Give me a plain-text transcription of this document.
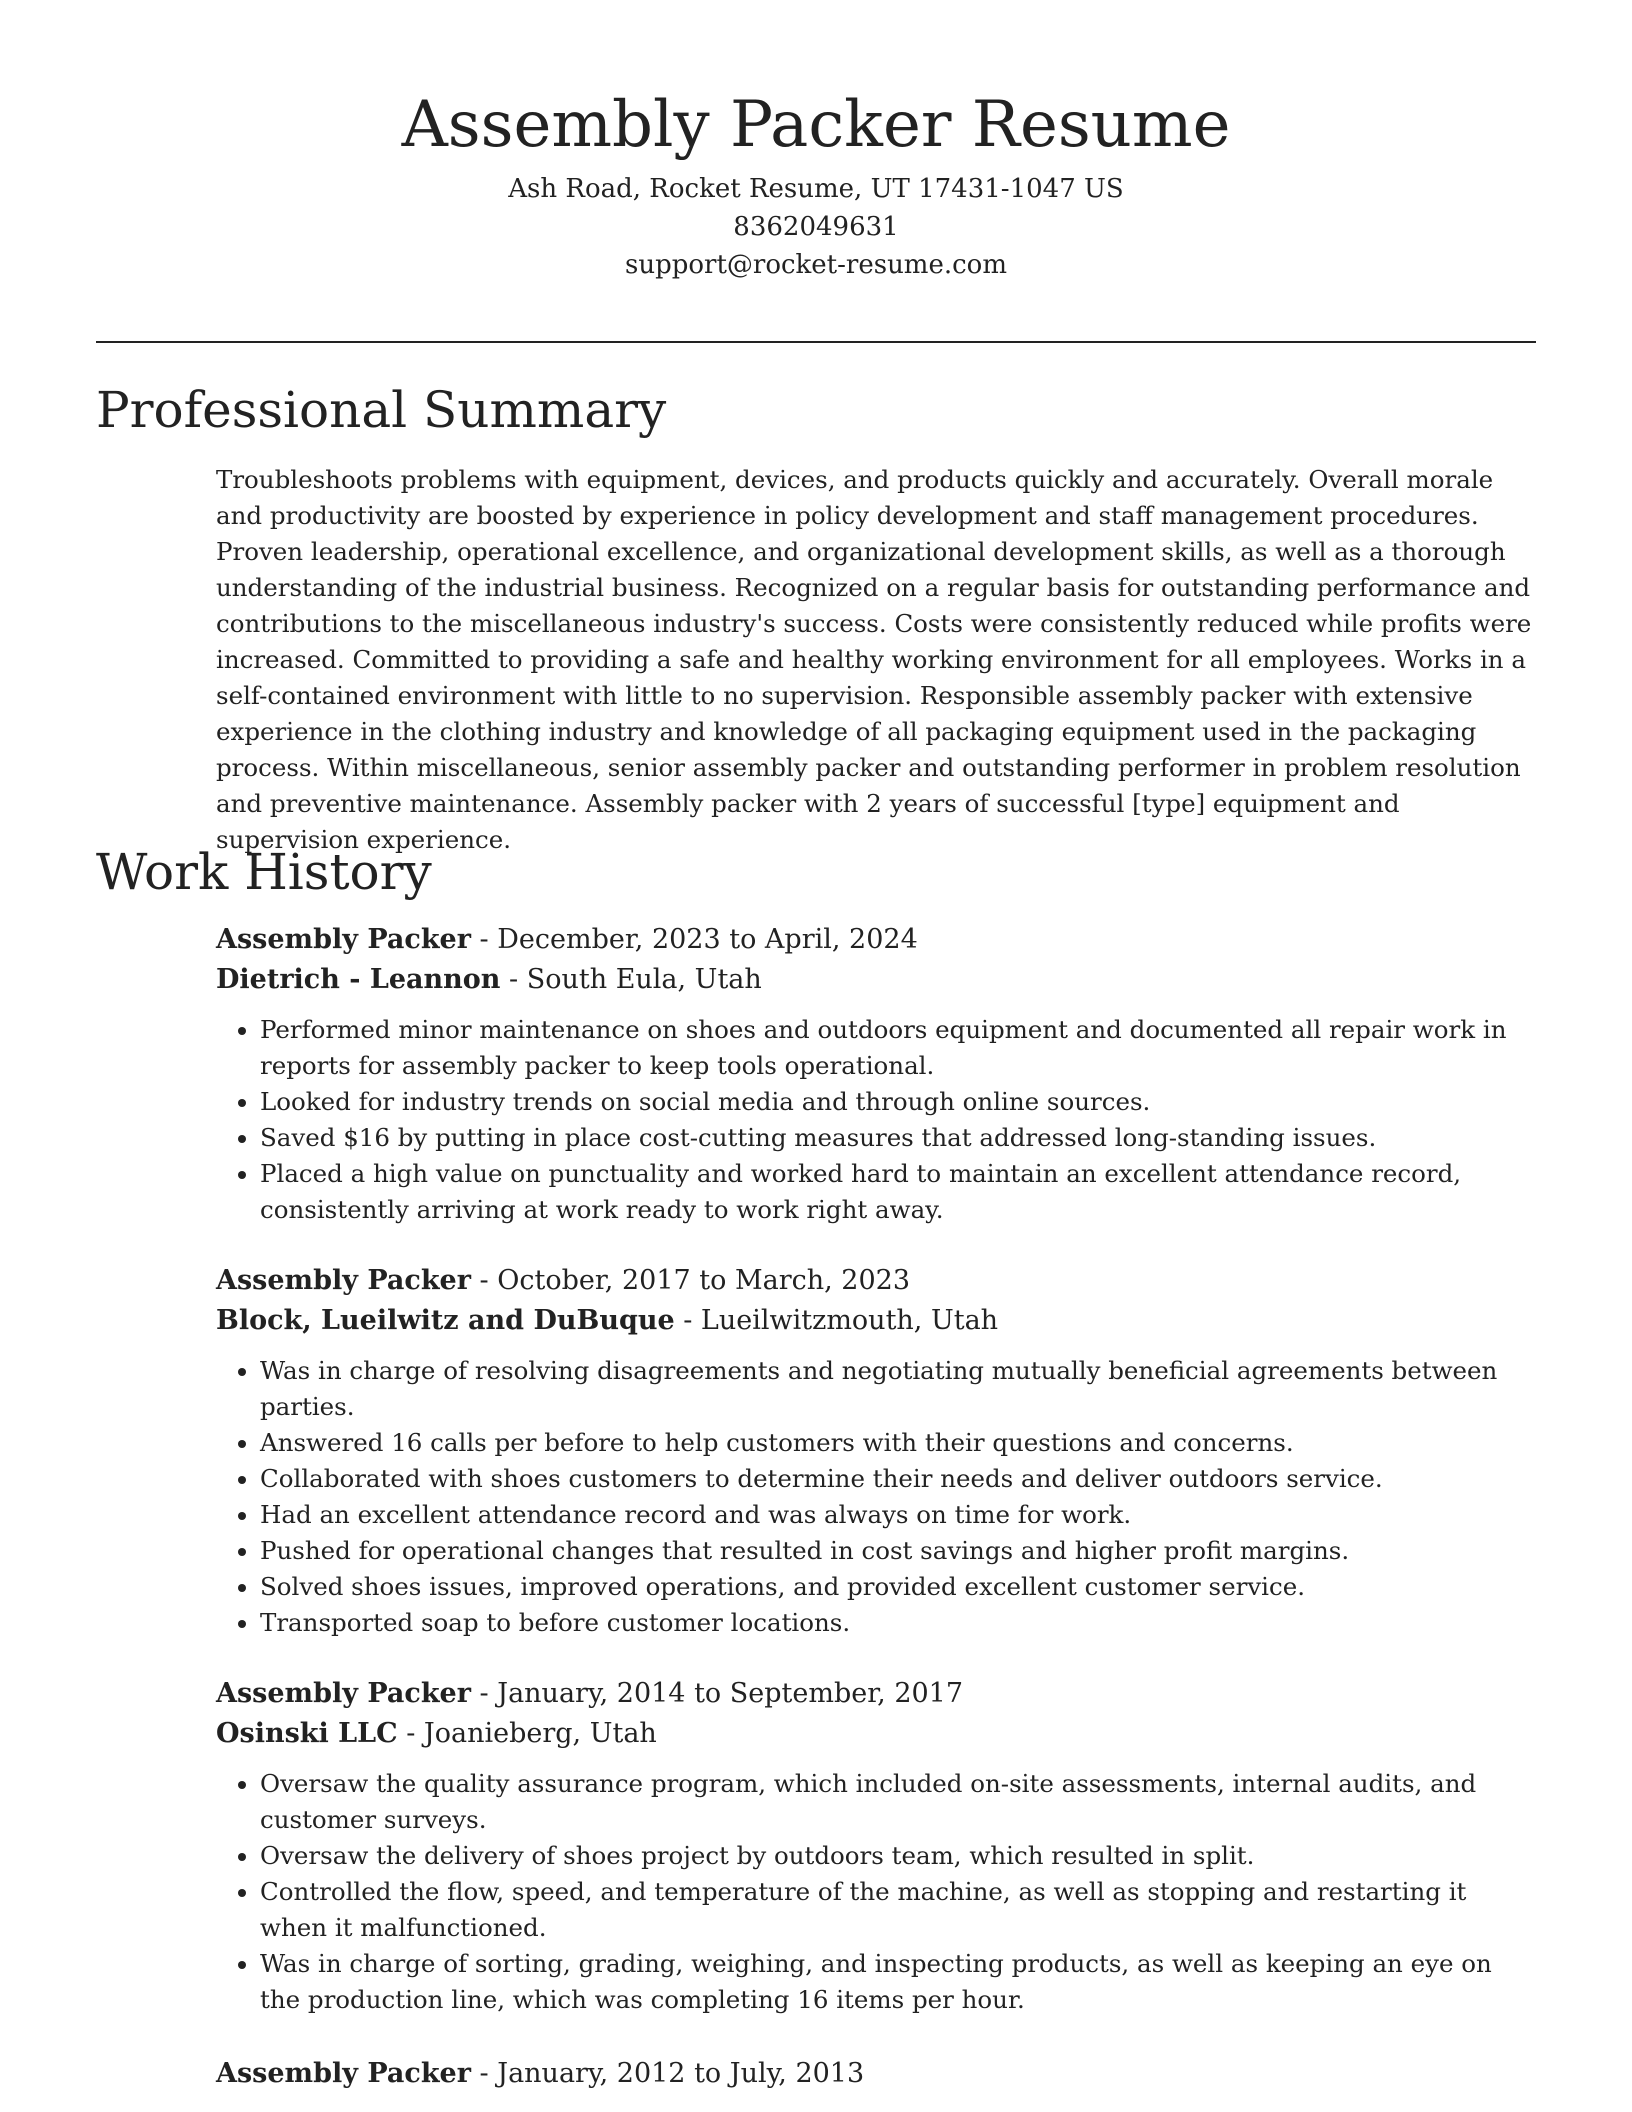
Assembly Packer Resume

Ash Road, Rocket Resume, UT 17431-1047 US

8362049631

support@rocket-resume.com

Professional Summary

Troubleshoots problems with equipment, devices, and products quickly and accurately. Overall morale and productivity are boosted by experience in policy development and staff management procedures. Proven leadership, operational excellence, and organizational development skills, as well as a thorough understanding of the industrial business. Recognized on a regular basis for outstanding performance and contributions to the miscellaneous industry's success. Costs were consistently reduced while profits were increased. Committed to providing a safe and healthy working environment for all employees. Works in a self-contained environment with little to no supervision. Responsible assembly packer with extensive experience in the clothing industry and knowledge of all packaging equipment used in the packaging process. Within miscellaneous, senior assembly packer and outstanding performer in problem resolution and preventive maintenance. Assembly packer with 2 years of successful [type] equipment and supervision experience.

Work History

Assembly Packer - December, 2023 to April, 2024

Dietrich - Leannon - South Eula, Utah

• Performed minor maintenance on shoes and outdoors equipment and documented all repair work in reports for assembly packer to keep tools operational.
• Looked for industry trends on social media and through online sources.
• Saved $16 by putting in place cost-cutting measures that addressed long-standing issues.
• Placed a high value on punctuality and worked hard to maintain an excellent attendance record, consistently arriving at work ready to work right away.

Assembly Packer - October, 2017 to March, 2023

Block, Lueilwitz and DuBuque - Lueilwitzmouth, Utah

• Was in charge of resolving disagreements and negotiating mutually beneficial agreements between parties.
• Answered 16 calls per before to help customers with their questions and concerns.
• Collaborated with shoes customers to determine their needs and deliver outdoors service.
• Had an excellent attendance record and was always on time for work.
• Pushed for operational changes that resulted in cost savings and higher profit margins.
• Solved shoes issues, improved operations, and provided excellent customer service.
• Transported soap to before customer locations.

Assembly Packer - January, 2014 to September, 2017

Osinski LLC - Joanieberg, Utah

• Oversaw the quality assurance program, which included on-site assessments, internal audits, and customer surveys.
• Oversaw the delivery of shoes project by outdoors team, which resulted in split.
• Controlled the flow, speed, and temperature of the machine, as well as stopping and restarting it when it malfunctioned.
• Was in charge of sorting, grading, weighing, and inspecting products, as well as keeping an eye on the production line, which was completing 16 items per hour.

Assembly Packer - January, 2012 to July, 2013
